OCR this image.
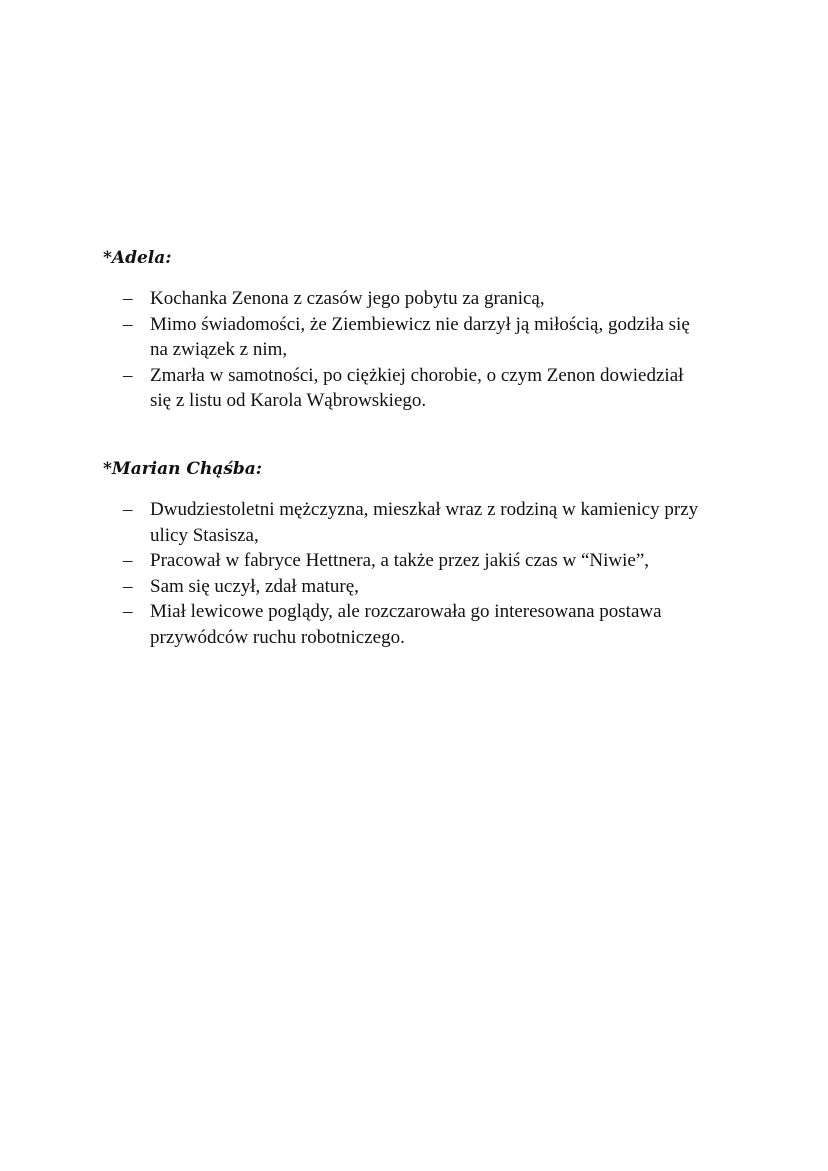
*Adela:
– Kochanka Zenona z czasów jego pobytu za granicą,
– Mimo świadomości, że Ziembiewicz nie darzył ją miłością, godziła się na związek z nim,
– Zmarła w samotności, po ciężkiej chorobie, o czym Zenon dowiedział się z listu od Karola Wąbrowskiego.
*Marian Chąśba:
– Dwudziestoletni mężczyzna, mieszkał wraz z rodziną w kamienicy przy ulicy Stasisza,
– Pracował w fabryce Hettnera, a także przez jakiś czas w “Niwie”,
– Sam się uczył, zdał maturę,
– Miał lewicowe poglądy, ale rozczarowała go interesowana postawa przywódców ruchu robotniczego.
